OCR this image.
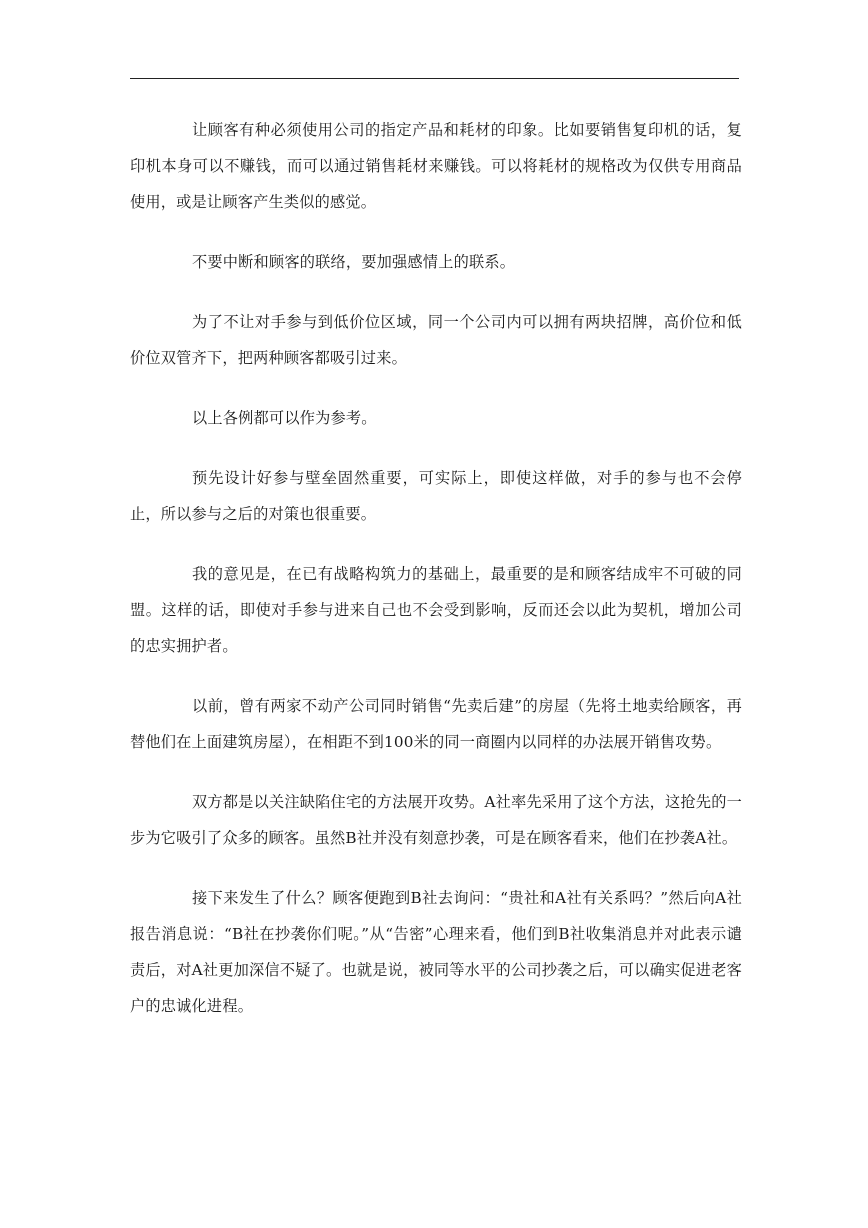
让顾客有种必须使用公司的指定产品和耗材的印象。比如要销售复印机的话，复印机本身可以不赚钱，而可以通过销售耗材来赚钱。可以将耗材的规格改为仅供专用商品使用，或是让顾客产生类似的感觉。

不要中断和顾客的联络，要加强感情上的联系。

为了不让对手参与到低价位区域，同一个公司内可以拥有两块招牌，高价位和低价位双管齐下，把两种顾客都吸引过来。

以上各例都可以作为参考。

预先设计好参与壁垒固然重要，可实际上，即使这样做，对手的参与也不会停止，所以参与之后的对策也很重要。

我的意见是，在已有战略构筑力的基础上，最重要的是和顾客结成牢不可破的同盟。这样的话，即使对手参与进来自己也不会受到影响，反而还会以此为契机，增加公司的忠实拥护者。

以前，曾有两家不动产公司同时销售“先卖后建”的房屋（先将土地卖给顾客，再替他们在上面建筑房屋），在相距不到100米的同一商圈内以同样的办法展开销售攻势。

双方都是以关注缺陷住宅的方法展开攻势。A社率先采用了这个方法，这抢先的一步为它吸引了众多的顾客。虽然B社并没有刻意抄袭，可是在顾客看来，他们在抄袭A社。

接下来发生了什么？顾客便跑到B社去询问：“贵社和A社有关系吗？”然后向A社报告消息说：“B社在抄袭你们呢。”从“告密”心理来看，他们到B社收集消息并对此表示谴责后，对A社更加深信不疑了。也就是说，被同等水平的公司抄袭之后，可以确实促进老客户的忠诚化进程。
